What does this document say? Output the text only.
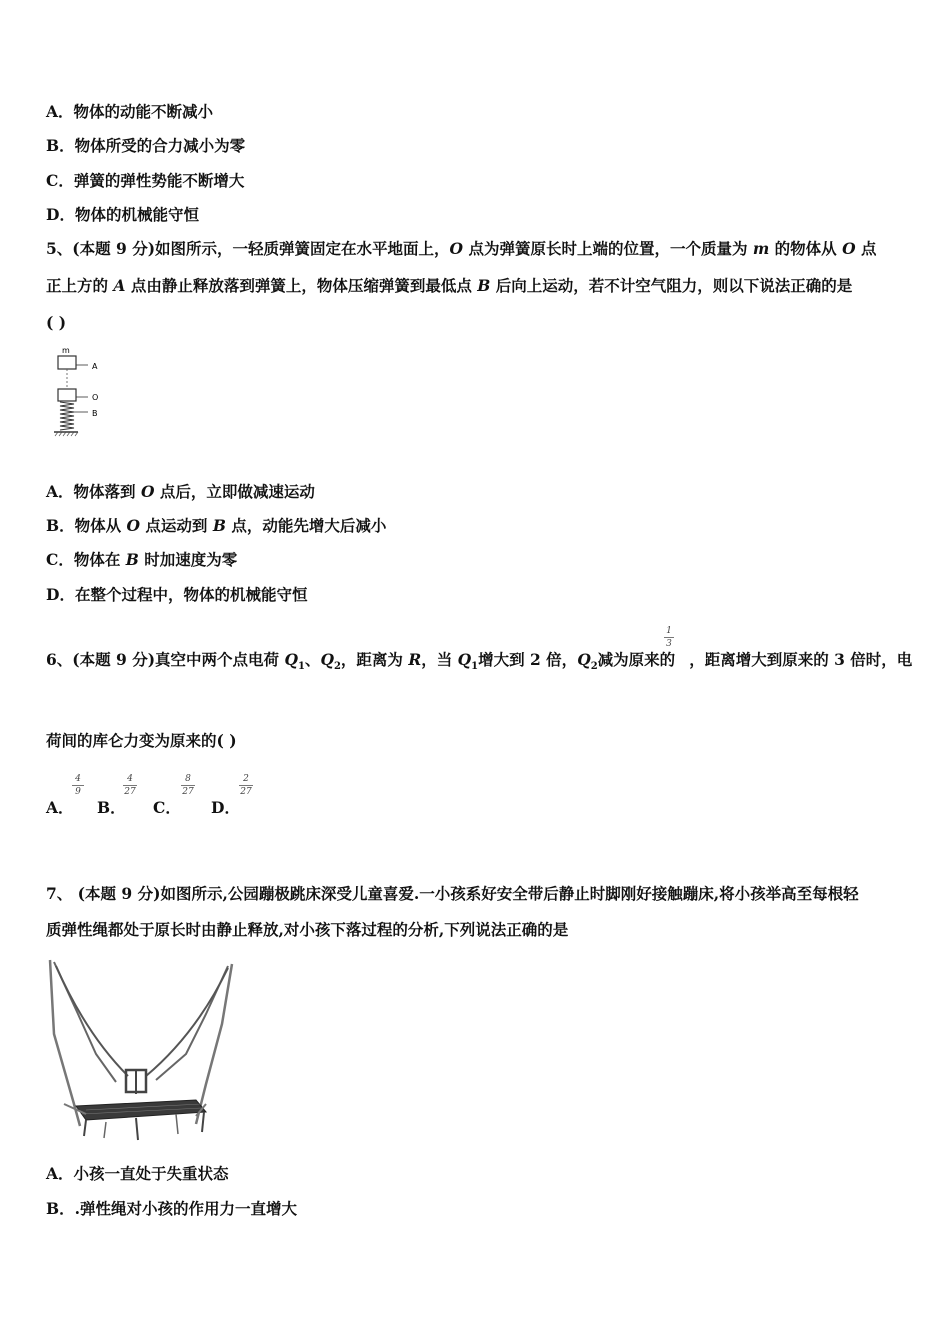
A．物体的动能不断减小
B．物体所受的合力减小为零
C．弹簧的弹性势能不断增大
D．物体的机械能守恒
5、(本题 9 分)如图所示，一轻质弹簧固定在水平地面上，O 点为弹簧原长时上端的位置，一个质量为 m 的物体从 O 点
正上方的 A 点由静止释放落到弹簧上，物体压缩弹簧到最低点 B 后向上运动，若不计空气阻力，则以下说法正确的是
( )
m
A
O
B
A．物体落到 O 点后，立即做减速运动
B．物体从 O 点运动到 B 点，动能先增大后减小
C．物体在 B 时加速度为零
D．在整个过程中，物体的机械能守恒
6、(本题 9 分)真空中两个点电荷 $Q_1$、$Q_2$，距离为 R，当 $Q_1$增大到 2 倍，$Q_2$减为原来的 ，距离增大到原来的 3 倍时，电
1
3
荷间的库仑力变为原来的( )
A．
4
9
B．
4
27
C．
8
27
D．
2
27
7、 (本题 9 分)如图所示,公园蹦极跳床深受儿童喜爱.一小孩系好安全带后静止时脚刚好接触蹦床,将小孩举高至每根轻
质弹性绳都处于原长时由静止释放,对小孩下落过程的分析,下列说法正确的是
A．小孩一直处于失重状态
B．.弹性绳对小孩的作用力一直增大
